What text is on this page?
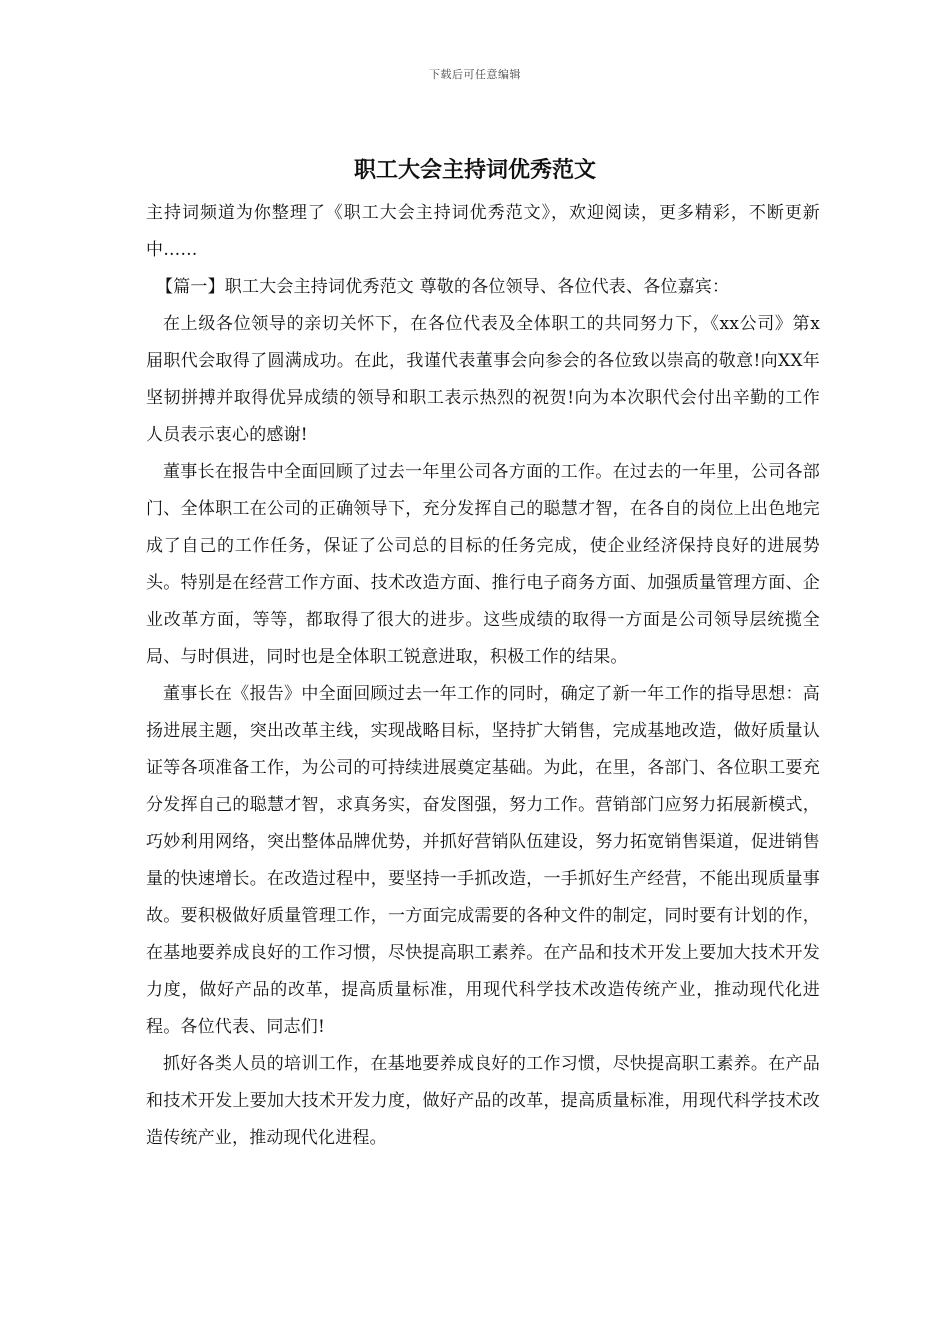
下载后可任意编辑
职工大会主持词优秀范文

主持词频道为你整理了《职工大会主持词优秀范文》，欢迎阅读，更多精彩，不断更新中……

【篇一】职工大会主持词优秀范文 尊敬的各位领导、各位代表、各位嘉宾：

在上级各位领导的亲切关怀下，在各位代表及全体职工的共同努力下，《xx公司》第x届职代会取得了圆满成功。在此，我谨代表董事会向参会的各位致以崇高的敬意!向XX年坚韧拼搏并取得优异成绩的领导和职工表示热烈的祝贺!向为本次职代会付出辛勤的工作人员表示衷心的感谢!

董事长在报告中全面回顾了过去一年里公司各方面的工作。在过去的一年里，公司各部门、全体职工在公司的正确领导下，充分发挥自己的聪慧才智，在各自的岗位上出色地完成了自己的工作任务，保证了公司总的目标的任务完成，使企业经济保持良好的进展势头。特别是在经营工作方面、技术改造方面、推行电子商务方面、加强质量管理方面、企业改革方面，等等，都取得了很大的进步。这些成绩的取得一方面是公司领导层统揽全局、与时俱进，同时也是全体职工锐意进取，积极工作的结果。

董事长在《报告》中全面回顾过去一年工作的同时，确定了新一年工作的指导思想：高扬进展主题，突出改革主线，实现战略目标，坚持扩大销售，完成基地改造，做好质量认证等各项准备工作，为公司的可持续进展奠定基础。为此，在里，各部门、各位职工要充分发挥自己的聪慧才智，求真务实，奋发图强，努力工作。营销部门应努力拓展新模式，巧妙利用网络，突出整体品牌优势，并抓好营销队伍建设，努力拓宽销售渠道，促进销售量的快速增长。在改造过程中，要坚持一手抓改造，一手抓好生产经营，不能出现质量事故。要积极做好质量管理工作，一方面完成需要的各种文件的制定，同时要有计划的作，在基地要养成良好的工作习惯，尽快提高职工素养。在产品和技术开发上要加大技术开发力度，做好产品的改革，提高质量标准，用现代科学技术改造传统产业，推动现代化进程。各位代表、同志们!

抓好各类人员的培训工作，在基地要养成良好的工作习惯，尽快提高职工素养。在产品和技术开发上要加大技术开发力度，做好产品的改革，提高质量标准，用现代科学技术改造传统产业，推动现代化进程。
